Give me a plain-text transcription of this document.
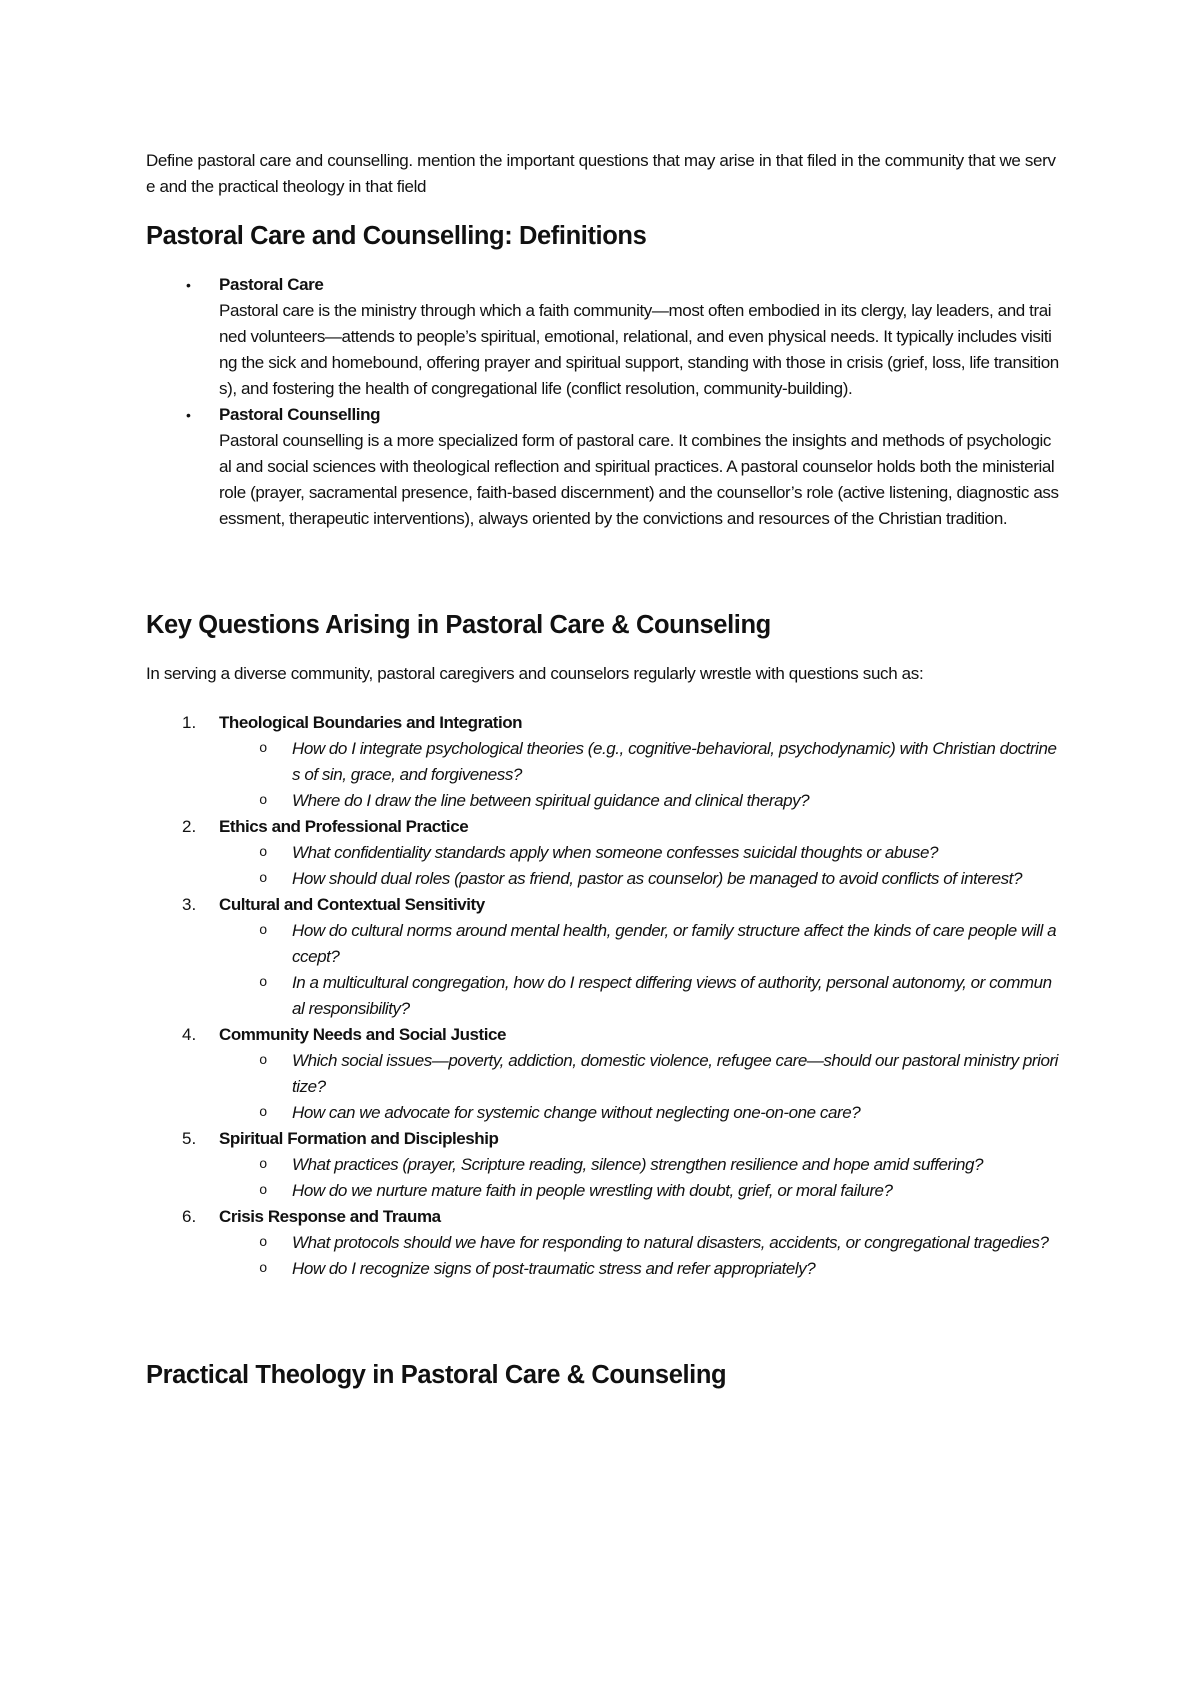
Define pastoral care and counselling. mention the important questions that may arise in that filed in the community that we serve and the practical theology in that field

Pastoral Care and Counselling: Definitions
• Pastoral Care
Pastoral care is the ministry through which a faith community—most often embodied in its clergy, lay leaders, and trained volunteers—attends to people’s spiritual, emotional, relational, and even physical needs. It typically includes visiting the sick and homebound, offering prayer and spiritual support, standing with those in crisis (grief, loss, life transitions), and fostering the health of congregational life (conflict resolution, community-building).
• Pastoral Counselling
Pastoral counselling is a more specialized form of pastoral care. It combines the insights and methods of psychological and social sciences with theological reflection and spiritual practices. A pastoral counselor holds both the ministerial role (prayer, sacramental presence, faith-based discernment) and the counsellor’s role (active listening, diagnostic assessment, therapeutic interventions), always oriented by the convictions and resources of the Christian tradition.
Key Questions Arising in Pastoral Care & Counseling

In serving a diverse community, pastoral caregivers and counselors regularly wrestle with questions such as:

1. Theological Boundaries and Integration
o How do I integrate psychological theories (e.g., cognitive-behavioral, psychodynamic) with Christian doctrines of sin, grace, and forgiveness?
o Where do I draw the line between spiritual guidance and clinical therapy?
2. Ethics and Professional Practice
o What confidentiality standards apply when someone confesses suicidal thoughts or abuse?
o How should dual roles (pastor as friend, pastor as counselor) be managed to avoid conflicts of interest?
3. Cultural and Contextual Sensitivity
o How do cultural norms around mental health, gender, or family structure affect the kinds of care people will accept?
o In a multicultural congregation, how do I respect differing views of authority, personal autonomy, or communal responsibility?
4. Community Needs and Social Justice
o Which social issues—poverty, addiction, domestic violence, refugee care—should our pastoral ministry prioritize?
o How can we advocate for systemic change without neglecting one-on-one care?
5. Spiritual Formation and Discipleship
o What practices (prayer, Scripture reading, silence) strengthen resilience and hope amid suffering?
o How do we nurture mature faith in people wrestling with doubt, grief, or moral failure?
6. Crisis Response and Trauma
o What protocols should we have for responding to natural disasters, accidents, or congregational tragedies?
o How do I recognize signs of post-traumatic stress and refer appropriately?
Practical Theology in Pastoral Care & Counseling
